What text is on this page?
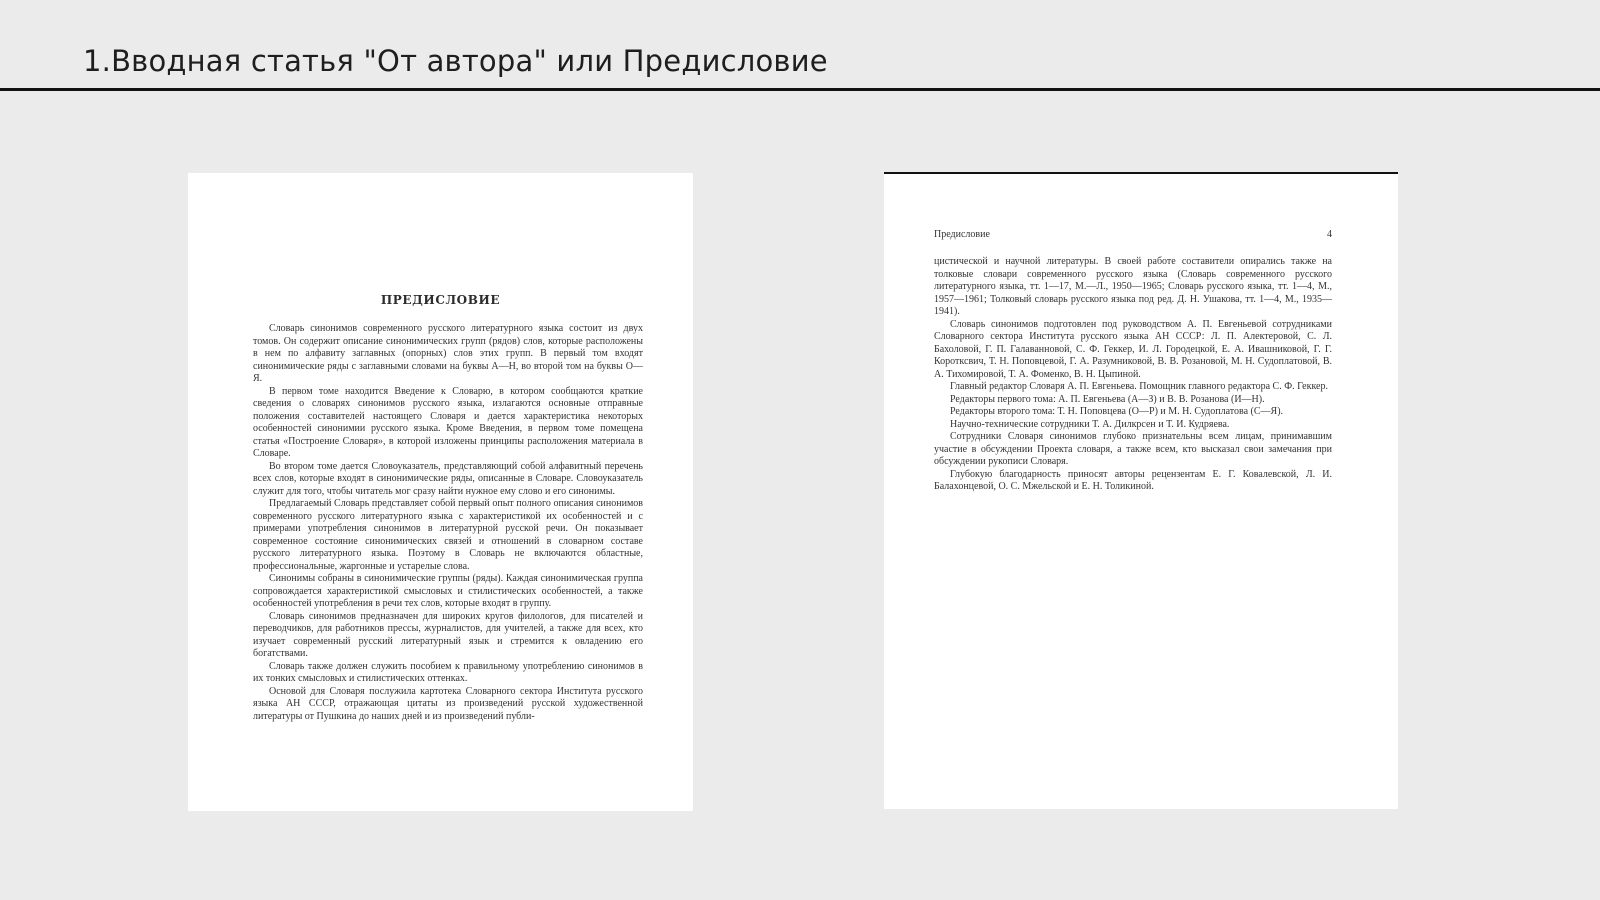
1.Вводная статья "От автора" или Предисловие
ПРЕДИСЛОВИЕ

Словарь синонимов современного русского литературного языка состоит из двух томов. Он содержит описание синонимических групп (рядов) слов, которые расположены в нем по алфавиту заглавных (опорных) слов этих групп. В первый том входят синонимические ряды с заглавными словами на буквы А—Н, во второй том на буквы О—Я.

В первом томе находится Введение к Словарю, в котором сообщаются краткие сведения о словарях синонимов русского языка, излагаются основные отправные положения составителей настоящего Словаря и дается характеристика некоторых особенностей синонимии русского языка. Кроме Введения, в первом томе помещена статья «Построение Словаря», в которой изложены принципы расположения материала в Словаре.

Во втором томе дается Словоуказатель, представляющий собой алфавитный перечень всех слов, которые входят в синонимические ряды, описанные в Словаре. Словоуказатель служит для того, чтобы читатель мог сразу найти нужное ему слово и его синонимы.

Предлагаемый Словарь представляет собой первый опыт полного описания синонимов современного русского литературного языка с характеристикой их особенностей и с примерами употребления синонимов в литературной русской речи. Он показывает современное состояние синонимических связей и отношений в словарном составе русского литературного языка. Поэтому в Словарь не включаются областные, профессиональные, жаргонные и устарелые слова.

Синонимы собраны в синонимические группы (ряды). Каждая синонимическая группа сопровождается характеристикой смысловых и стилистических особенностей, а также особенностей употребления в речи тех слов, которые входят в группу.

Словарь синонимов предназначен для широких кругов филологов, для писателей и переводчиков, для работников прессы, журналистов, для учителей, а также для всех, кто изучает современный русский литературный язык и стремится к овладению его богатствами.

Словарь также должен служить пособием к правильному употреблению синонимов в их тонких смысловых и стилистических оттенках.

Основой для Словаря послужила картотека Словарного сектора Института русского языка АН СССР, отражающая цитаты из произведений русской художественной литературы от Пушкина до наших дней и из произведений публи-

Предисловие	4

цистической и научной литературы. В своей работе составители опирались также на толковые словари современного русского языка (Словарь современного русского литературного языка, тт. 1—17, М.—Л., 1950—1965; Словарь русского языка, тт. 1—4, М., 1957—1961; Толковый словарь русского языка под ред. Д. Н. Ушакова, тт. 1—4, М., 1935—1941).

Словарь синонимов подготовлен под руководством А. П. Евгеньевой сотрудниками Словарного сектора Института русского языка АН СССР: Л. П. Алектеровой, С. Л. Бахоловой, Г. П. Галаванновой, С. Ф. Геккер, И. Л. Городецкой, Е. А. Ивашниковой, Г. Г. Коротксвич, Т. Н. Поповцевой, Г. А. Разумниковой, В. В. Розановой, М. Н. Судоплатовой, В. А. Тихомировой, Т. А. Фоменко, В. Н. Цыпиной.

Главный редактор Словаря А. П. Евгеньева. Помощник главного редактора С. Ф. Геккер.

Редакторы первого тома: А. П. Евгеньева (А—З) и В. В. Розанова (И—Н).

Редакторы второго тома: Т. Н. Поповцева (О—Р) и М. Н. Судоплатова (С—Я).

Научно-технические сотрудники Т. А. Дилкрсен и Т. И. Кудряева.

Сотрудники Словаря синонимов глубоко признательны всем лицам, принимавшим участие в обсуждении Проекта словаря, а также всем, кто высказал свои замечания при обсуждении рукописи Словаря.

Глубокую благодарность приносят авторы рецензентам Е. Г. Ковалевской, Л. И. Балахонцевой, О. С. Мжельской и Е. Н. Толикиной.
